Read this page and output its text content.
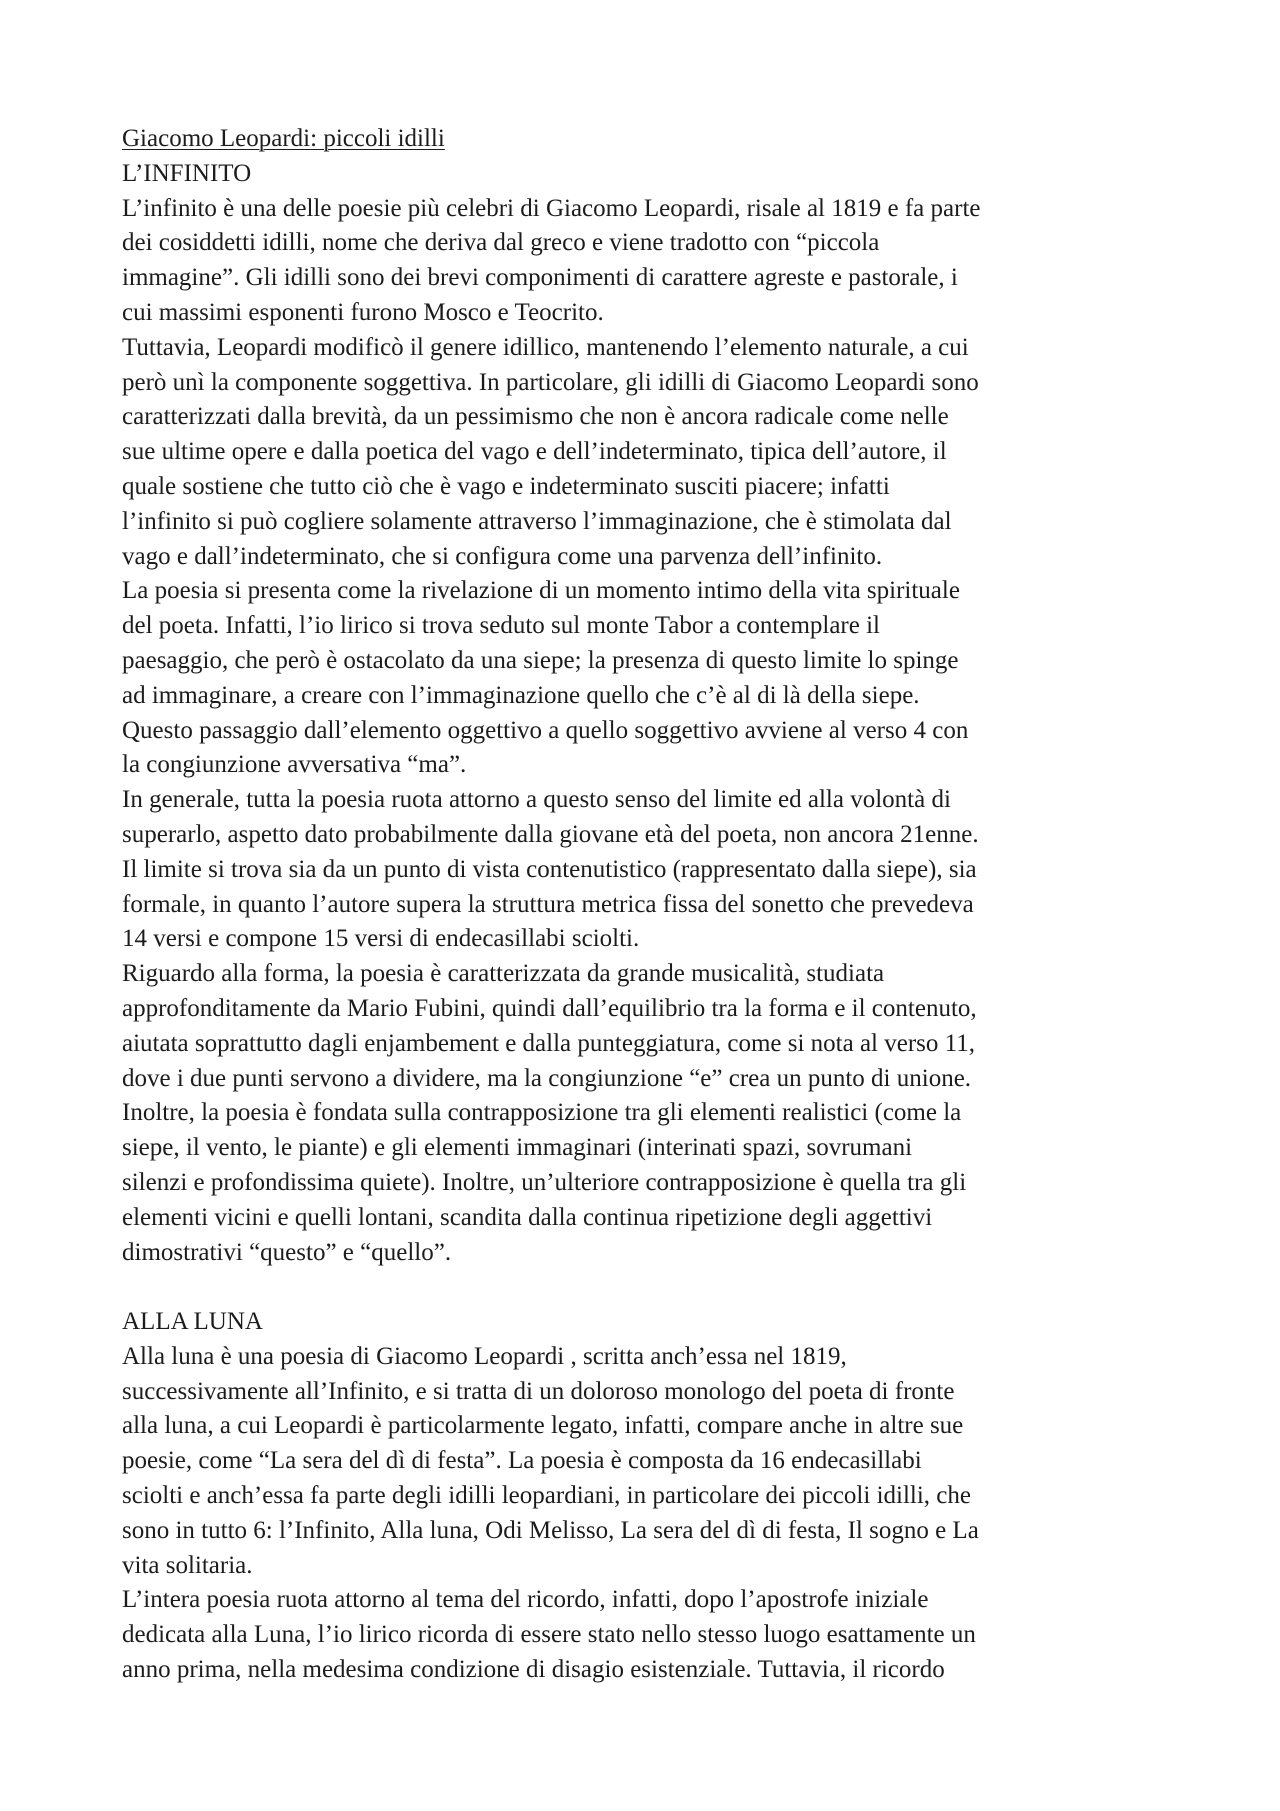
Giacomo Leopardi: piccoli idilli
L’INFINITO
L’infinito è una delle poesie più celebri di Giacomo Leopardi, risale al 1819 e fa parte
dei cosiddetti idilli, nome che deriva dal greco e viene tradotto con “piccola
immagine”. Gli idilli sono dei brevi componimenti di carattere agreste e pastorale, i
cui massimi esponenti furono Mosco e Teocrito.
Tuttavia, Leopardi modificò il genere idillico, mantenendo l’elemento naturale, a cui
però unì la componente soggettiva. In particolare, gli idilli di Giacomo Leopardi sono
caratterizzati dalla brevità, da un pessimismo che non è ancora radicale come nelle
sue ultime opere e dalla poetica del vago e dell’indeterminato, tipica dell’autore, il
quale sostiene che tutto ciò che è vago e indeterminato susciti piacere; infatti
l’infinito si può cogliere solamente attraverso l’immaginazione, che è stimolata dal
vago e dall’indeterminato, che si configura come una parvenza dell’infinito.
La poesia si presenta come la rivelazione di un momento intimo della vita spirituale
del poeta. Infatti, l’io lirico si trova seduto sul monte Tabor a contemplare il
paesaggio, che però è ostacolato da una siepe; la presenza di questo limite lo spinge
ad immaginare, a creare con l’immaginazione quello che c’è al di là della siepe.
Questo passaggio dall’elemento oggettivo a quello soggettivo avviene al verso 4 con
la congiunzione avversativa “ma”.
In generale, tutta la poesia ruota attorno a questo senso del limite ed alla volontà di
superarlo, aspetto dato probabilmente dalla giovane età del poeta, non ancora 21enne.
Il limite si trova sia da un punto di vista contenutistico (rappresentato dalla siepe), sia
formale, in quanto l’autore supera la struttura metrica fissa del sonetto che prevedeva
14 versi e compone 15 versi di endecasillabi sciolti.
Riguardo alla forma, la poesia è caratterizzata da grande musicalità, studiata
approfonditamente da Mario Fubini, quindi dall’equilibrio tra la forma e il contenuto,
aiutata soprattutto dagli enjambement e dalla punteggiatura, come si nota al verso 11,
dove i due punti servono a dividere, ma la congiunzione “e” crea un punto di unione.
Inoltre, la poesia è fondata sulla contrapposizione tra gli elementi realistici (come la
siepe, il vento, le piante) e gli elementi immaginari (interinati spazi, sovrumani
silenzi e profondissima quiete). Inoltre, un’ulteriore contrapposizione è quella tra gli
elementi vicini e quelli lontani, scandita dalla continua ripetizione degli aggettivi
dimostrativi “questo” e “quello”.
ALLA LUNA
Alla luna è una poesia di Giacomo Leopardi , scritta anch’essa nel 1819,
successivamente all’Infinito, e si tratta di un doloroso monologo del poeta di fronte
alla luna, a cui Leopardi è particolarmente legato, infatti, compare anche in altre sue
poesie, come “La sera del dì di festa”. La poesia è composta da 16 endecasillabi
sciolti e anch’essa fa parte degli idilli leopardiani, in particolare dei piccoli idilli, che
sono in tutto 6: l’Infinito, Alla luna, Odi Melisso, La sera del dì di festa, Il sogno e La
vita solitaria.
L’intera poesia ruota attorno al tema del ricordo, infatti, dopo l’apostrofe iniziale
dedicata alla Luna, l’io lirico ricorda di essere stato nello stesso luogo esattamente un
anno prima, nella medesima condizione di disagio esistenziale. Tuttavia, il ricordo
